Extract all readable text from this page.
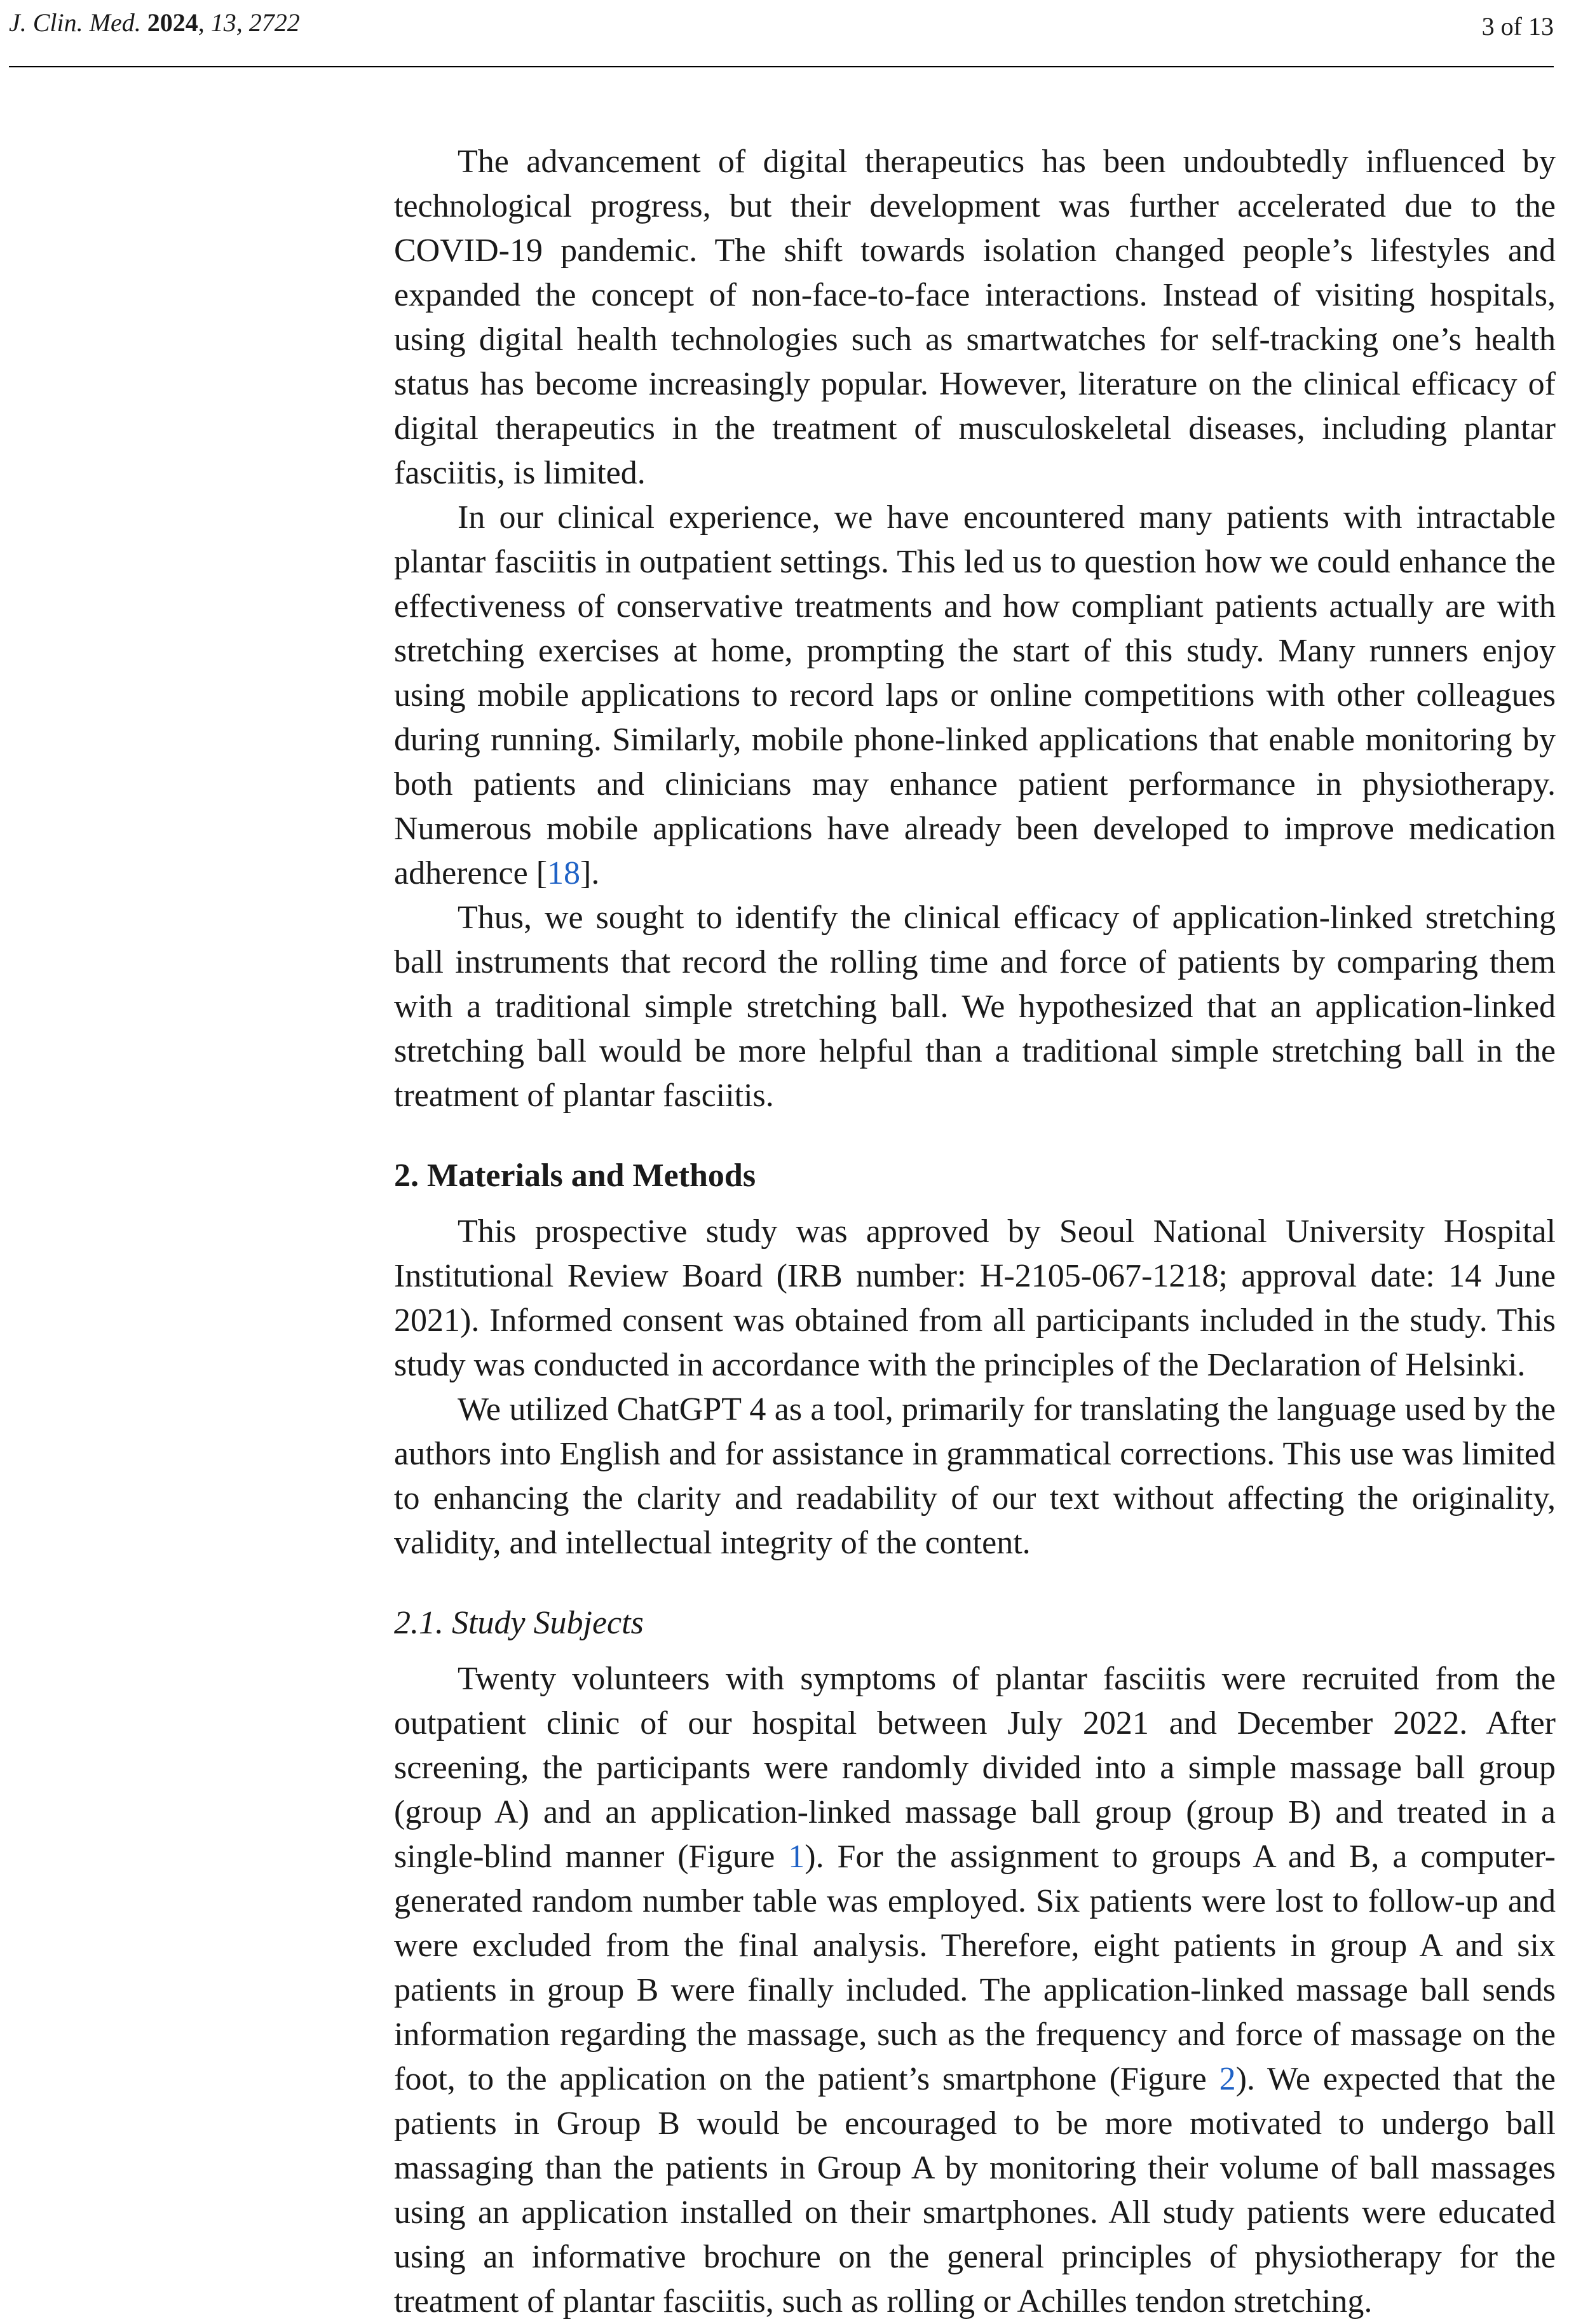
J. Clin. Med. 2024, 13, 2722	3 of 13

The advancement of digital therapeutics has been undoubtedly influenced by technological progress, but their development was further accelerated due to the COVID-19 pandemic. The shift towards isolation changed people’s lifestyles and expanded the concept of non-face-to-face interactions. Instead of visiting hospitals, using digital health technologies such as smartwatches for self-tracking one’s health status has become increasingly popular. However, literature on the clinical efficacy of digital therapeutics in the treatment of musculoskeletal diseases, including plantar fasciitis, is limited.

In our clinical experience, we have encountered many patients with intractable plantar fasciitis in outpatient settings. This led us to question how we could enhance the effectiveness of conservative treatments and how compliant patients actually are with stretching exercises at home, prompting the start of this study. Many runners enjoy using mobile applications to record laps or online competitions with other colleagues during running. Similarly, mobile phone-linked applications that enable monitoring by both patients and clinicians may enhance patient performance in physiotherapy. Numerous mobile applications have already been developed to improve medication adherence [18].

Thus, we sought to identify the clinical efficacy of application-linked stretching ball instruments that record the rolling time and force of patients by comparing them with a traditional simple stretching ball. We hypothesized that an application-linked stretching ball would be more helpful than a traditional simple stretching ball in the treatment of plantar fasciitis.

2. Materials and Methods

This prospective study was approved by Seoul National University Hospital Institutional Review Board (IRB number: H-2105-067-1218; approval date: 14 June 2021). Informed consent was obtained from all participants included in the study. This study was conducted in accordance with the principles of the Declaration of Helsinki.

We utilized ChatGPT 4 as a tool, primarily for translating the language used by the authors into English and for assistance in grammatical corrections. This use was limited to enhancing the clarity and readability of our text without affecting the originality, validity, and intellectual integrity of the content.

2.1. Study Subjects

Twenty volunteers with symptoms of plantar fasciitis were recruited from the outpatient clinic of our hospital between July 2021 and December 2022. After screening, the participants were randomly divided into a simple massage ball group (group A) and an application-linked massage ball group (group B) and treated in a single-blind manner (Figure 1). For the assignment to groups A and B, a computer-generated random number table was employed. Six patients were lost to follow-up and were excluded from the final analysis. Therefore, eight patients in group A and six patients in group B were finally included. The application-linked massage ball sends information regarding the massage, such as the frequency and force of massage on the foot, to the application on the patient’s smartphone (Figure 2). We expected that the patients in Group B would be encouraged to be more motivated to undergo ball massaging than the patients in Group A by monitoring their volume of ball massages using an application installed on their smartphones. All study patients were educated using an informative brochure on the general principles of physiotherapy for the treatment of plantar fasciitis, such as rolling or Achilles tendon stretching.
